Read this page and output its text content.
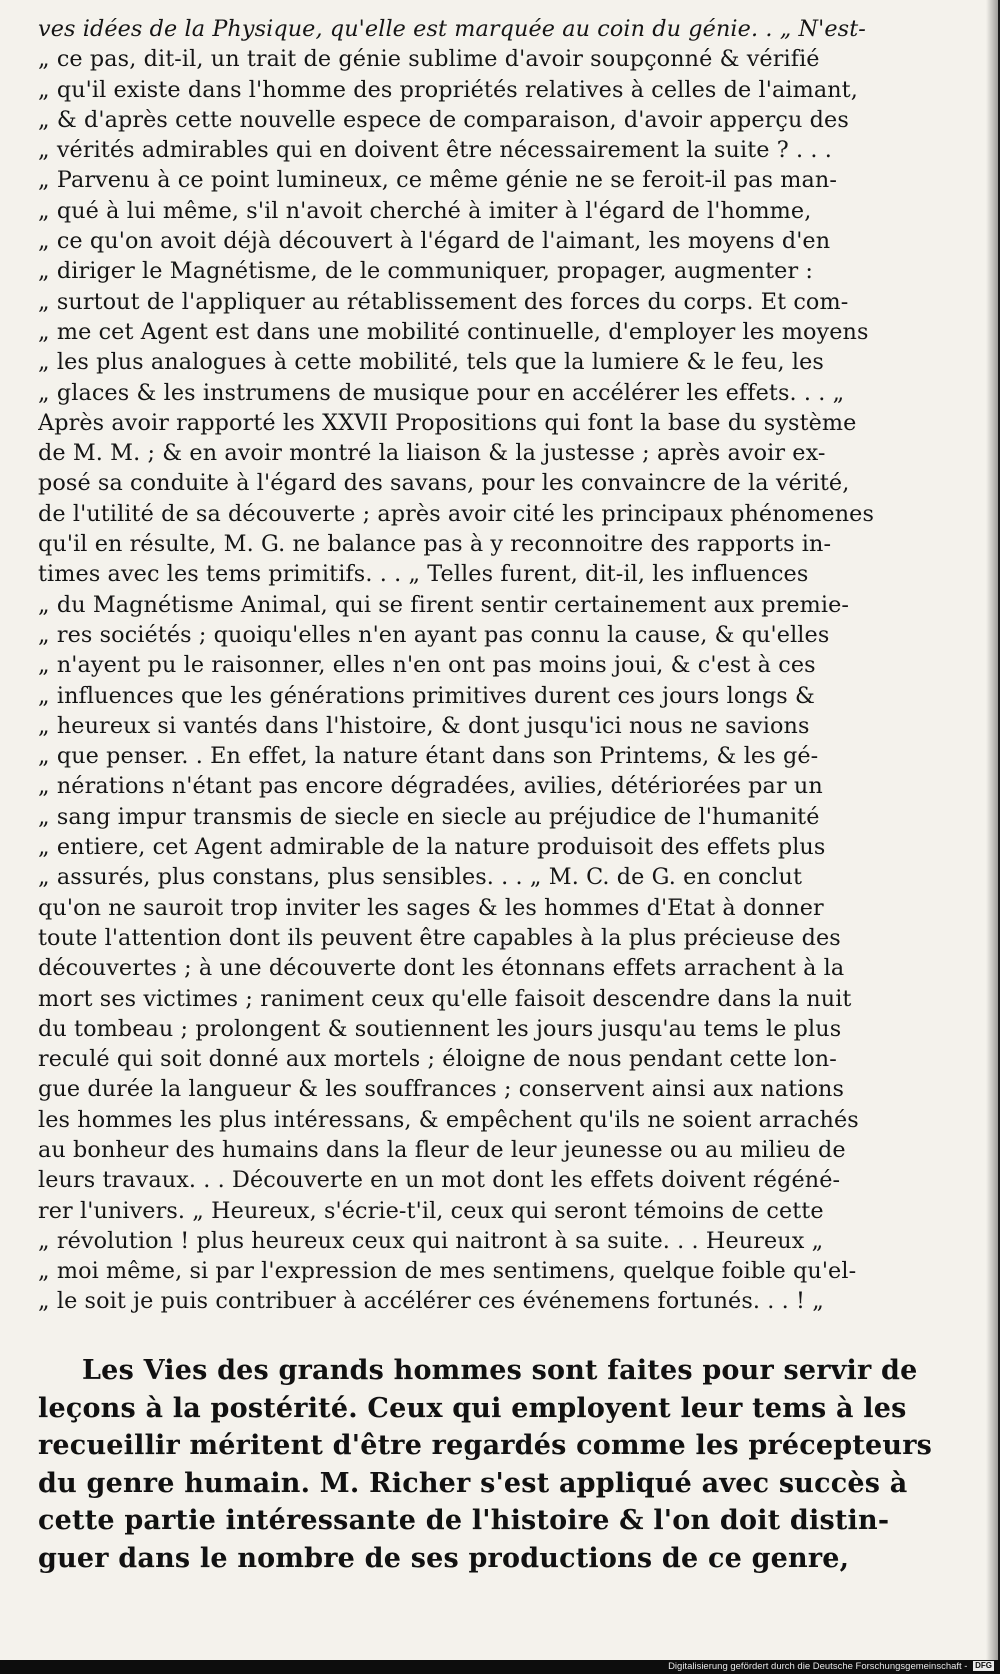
ves idées de la Physique, qu'elle est marquée au coin du génie. . „ N'est-
„ ce pas, dit-il, un trait de génie sublime d'avoir soupçonné & vérifié
„ qu'il existe dans l'homme des propriétés relatives à celles de l'aimant,
„ & d'après cette nouvelle espece de comparaison, d'avoir apperçu des
„ vérités admirables qui en doivent être nécessairement la suite ? . . .
„ Parvenu à ce point lumineux, ce même génie ne se feroit-il pas man-
„ qué à lui même, s'il n'avoit cherché à imiter à l'égard de l'homme,
„ ce qu'on avoit déjà découvert à l'égard de l'aimant, les moyens d'en
„ diriger le Magnétisme, de le communiquer, propager, augmenter :
„ surtout de l'appliquer au rétablissement des forces du corps. Et com-
„ me cet Agent est dans une mobilité continuelle, d'employer les moyens
„ les plus analogues à cette mobilité, tels que la lumiere & le feu, les
„ glaces & les instrumens de musique pour en accélérer les effets. . . „
Après avoir rapporté les XXVII Propositions qui font la base du système
de M. M. ; & en avoir montré la liaison & la justesse ; après avoir ex-
posé sa conduite à l'égard des savans, pour les convaincre de la vérité,
de l'utilité de sa découverte ; après avoir cité les principaux phénomenes
qu'il en résulte, M. G. ne balance pas à y reconnoitre des rapports in-
times avec les tems primitifs. . . „ Telles furent, dit-il, les influences
„ du Magnétisme Animal, qui se firent sentir certainement aux premie-
„ res sociétés ; quoiqu'elles n'en ayant pas connu la cause, & qu'elles
„ n'ayent pu le raisonner, elles n'en ont pas moins joui, & c'est à ces
„ influences que les générations primitives durent ces jours longs &
„ heureux si vantés dans l'histoire, & dont jusqu'ici nous ne savions
„ que penser. . En effet, la nature étant dans son Printems, & les gé-
„ nérations n'étant pas encore dégradées, avilies, détériorées par un
„ sang impur transmis de siecle en siecle au préjudice de l'humanité
„ entiere, cet Agent admirable de la nature produisoit des effets plus
„ assurés, plus constans, plus sensibles. . . „ M. C. de G. en conclut
qu'on ne sauroit trop inviter les sages & les hommes d'Etat à donner
toute l'attention dont ils peuvent être capables à la plus précieuse des
découvertes ; à une découverte dont les étonnans effets arrachent à la
mort ses victimes ; raniment ceux qu'elle faisoit descendre dans la nuit
du tombeau ; prolongent & soutiennent les jours jusqu'au tems le plus
reculé qui soit donné aux mortels ; éloigne de nous pendant cette lon-
gue durée la langueur & les souffrances ; conservent ainsi aux nations
les hommes les plus intéressans, & empêchent qu'ils ne soient arrachés
au bonheur des humains dans la fleur de leur jeunesse ou au milieu de
leurs travaux. . . Découverte en un mot dont les effets doivent régéné-
rer l'univers. „ Heureux, s'écrie-t'il, ceux qui seront témoins de cette
„ révolution ! plus heureux ceux qui naitront à sa suite. . . Heureux „
„ moi même, si par l'expression de mes sentimens, quelque foible qu'el-
„ le soit je puis contribuer à accélérer ces événemens fortunés. . . ! „
Les Vies des grands hommes sont faites pour servir de
leçons à la postérité. Ceux qui employent leur tems à les
recueillir méritent d'être regardés comme les précepteurs
du genre humain. M. Richer s'est appliqué avec succès à
cette partie intéressante de l'histoire & l'on doit distin-
guer dans le nombre de ses productions de ce genre,
Digitalisierung gefördert durch die Deutsche Forschungsgemeinschaft - DFG
